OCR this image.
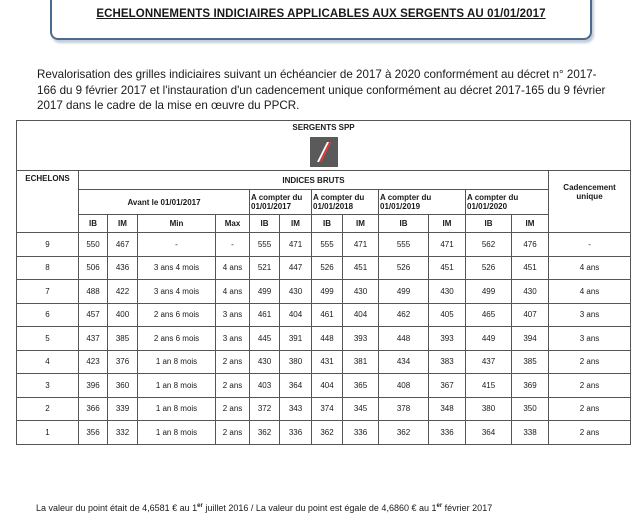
ECHELONNEMENTS INDICIAIRES APPLICABLES AUX SERGENTS AU 01/01/2017

Revalorisation des grilles indiciaires suivant un échéancier de 2017 à 2020 conformément au décret n° 2017-166 du 9 février 2017 et l'instauration d'un cadencement unique conformément au décret 2017-165 du 9 février 2017 dans le cadre de la mise en œuvre du PPCR.

SERGENTS SPP													

ECHELONS	INDICES BRUTS												Cadencement unique
	Avant le 01/01/2017				A compter du 01/01/2017		A compter du 01/01/2018		A compter du 01/01/2019		A compter du 01/01/2020		
	IB	IM	Min	Max	IB	IM	IB	IM	IB	IM	IB	IM	
9	550	467	-	-	555	471	555	471	555	471	562	476	-
8	506	436	3 ans 4 mois	4 ans	521	447	526	451	526	451	526	451	4 ans
7	488	422	3 ans 4 mois	4 ans	499	430	499	430	499	430	499	430	4 ans
6	457	400	2 ans 6 mois	3 ans	461	404	461	404	462	405	465	407	3 ans
5	437	385	2 ans 6 mois	3 ans	445	391	448	393	448	393	449	394	3 ans
4	423	376	1 an 8 mois	2 ans	430	380	431	381	434	383	437	385	2 ans
3	396	360	1 an 8 mois	2 ans	403	364	404	365	408	367	415	369	2 ans
2	366	339	1 an 8 mois	2 ans	372	343	374	345	378	348	380	350	2 ans
1	356	332	1 an 8 mois	2 ans	362	336	362	336	362	336	364	338	2 ans
La valeur du point était de 4,6581 € au 1er juillet 2016 / La valeur du point est égale de 4,6860 € au 1er février 2017
